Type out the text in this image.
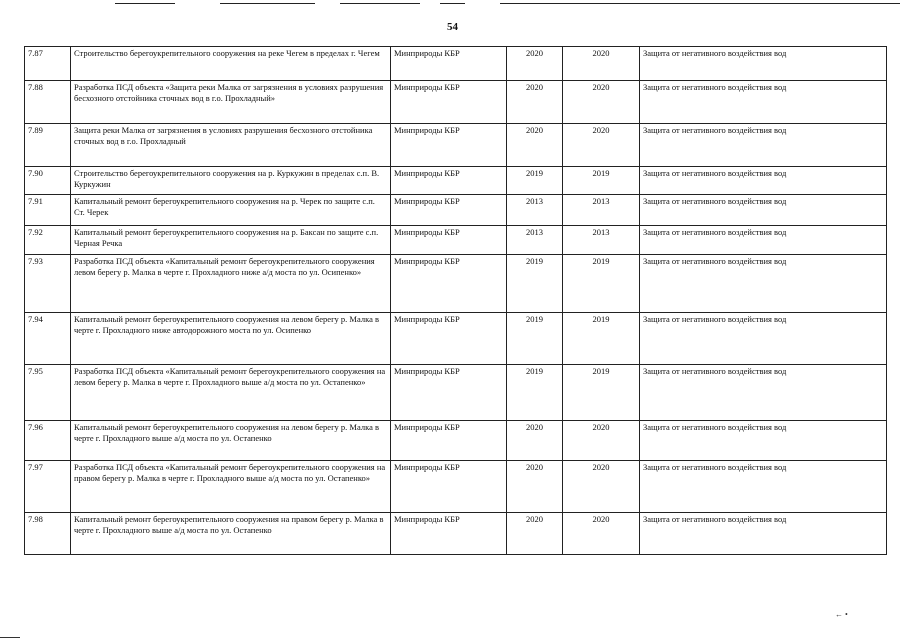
54
7.87	Строительство берегоукрепительного сооружения на реке Чегем в пределах г. Чегем	Минприроды КБР	2020	2020	Защита от негативного воздействия вод
7.88	Разработка ПСД объекта «Защита реки Малка от загрязнения в условиях разрушения бесхозного отстойника сточных вод в г.о. Прохладный»	Минприроды КБР	2020	2020	Защита от негативного воздействия вод
7.89	Защита реки Малка от загрязнения в условиях разрушения бесхозного отстойника сточных вод в г.о. Прохладный	Минприроды КБР	2020	2020	Защита от негативного воздействия вод
7.90	Строительство берегоукрепительного сооружения на р. Куркужин в пределах с.п. В. Куркужин	Минприроды КБР	2019	2019	Защита от негативного воздействия вод
7.91	Капитальный ремонт берегоукрепительного сооружения на р. Черек по защите с.п. Ст. Черек	Минприроды КБР	2013	2013	Защита от негативного воздействия вод
7.92	Капитальный ремонт берегоукрепительного сооружения на р. Баксан по защите с.п. Черная Речка	Минприроды КБР	2013	2013	Защита от негативного воздействия вод
7.93	Разработка ПСД объекта «Капитальный ремонт берегоукрепительного сооружения левом берегу р. Малка в черте г. Прохладного ниже а/д моста по ул. Осипенко»	Минприроды КБР	2019	2019	Защита от негативного воздействия вод
7.94	Капитальный ремонт берегоукрепительного сооружения на левом берегу р. Малка в черте г. Прохладного ниже автодорожного моста по ул. Осипенко	Минприроды КБР	2019	2019	Защита от негативного воздействия вод
7.95	Разработка ПСД объекта «Капитальный ремонт берегоукрепительного сооружения на левом берегу р. Малка в черте г. Прохладного выше а/д моста по ул. Остапенко»	Минприроды КБР	2019	2019	Защита от негативного воздействия вод
7.96	Капитальный ремонт берегоукрепительного сооружения на левом берегу р. Малка в черте г. Прохладного выше а/д моста по ул. Остапенко	Минприроды КБР	2020	2020	Защита от негативного воздействия вод
7.97	Разработка ПСД объекта «Капитальный ремонт берегоукрепительного сооружения на правом берегу р. Малка в черте г. Прохладного выше а/д моста по ул. Остапенко»	Минприроды КБР	2020	2020	Защита от негативного воздействия вод
7.98	Капитальный ремонт берегоукрепительного сооружения на правом берегу р. Малка в черте г. Прохладного выше а/д моста по ул. Остапенко	Минприроды КБР	2020	2020	Защита от негативного воздействия вод
← •
